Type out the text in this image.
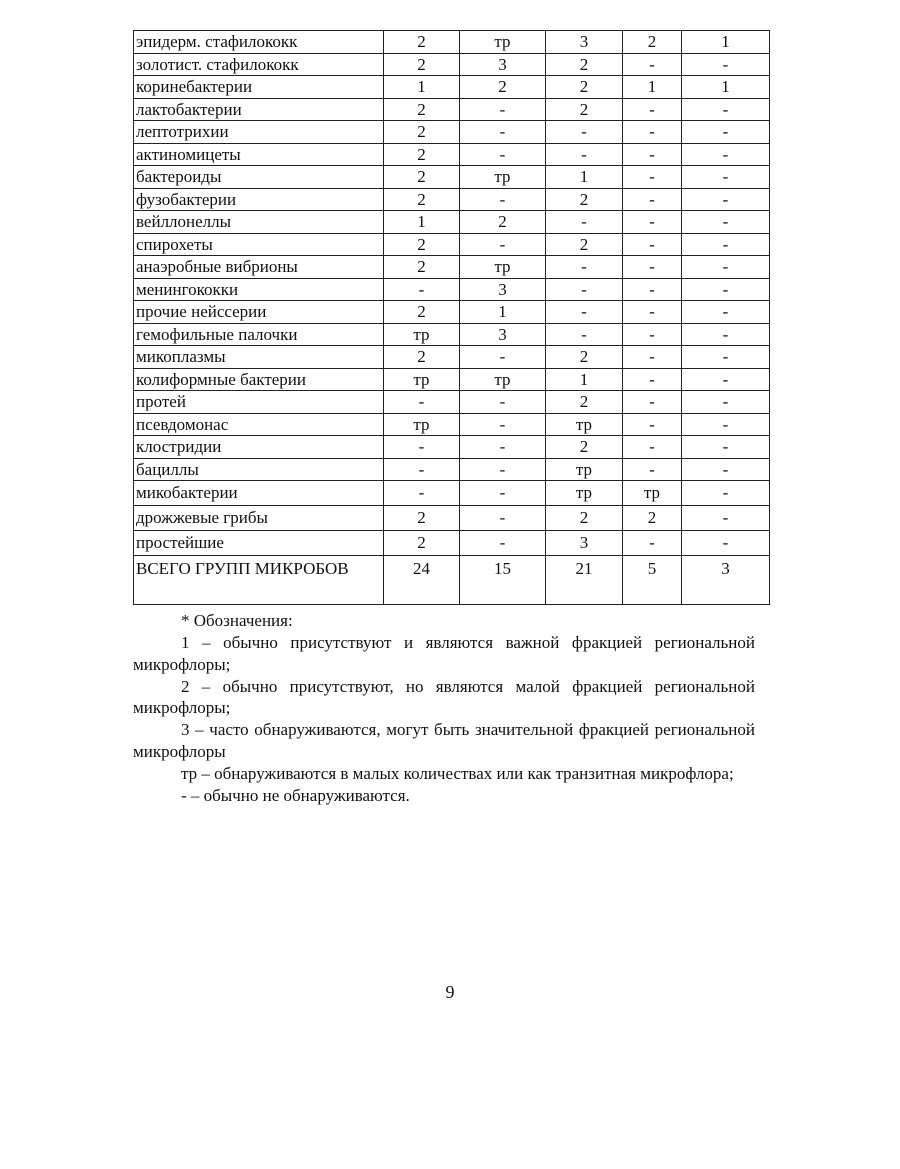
эпидерм. стафилококк	2	тр	3	2	1
золотист. стафилококк	2	3	2	-	-
коринебактерии	1	2	2	1	1
лактобактерии	2	-	2	-	-
лептотрихии	2	-	-	-	-
актиномицеты	2	-	-	-	-
бактероиды	2	тр	1	-	-
фузобактерии	2	-	2	-	-
вейллонеллы	1	2	-	-	-
спирохеты	2	-	2	-	-
анаэробные вибрионы	2	тр	-	-	-
менингококки	-	3	-	-	-
прочие нейссерии	2	1	-	-	-
гемофильные палочки	тр	3	-	-	-
микоплазмы	2	-	2	-	-
колиформные бактерии	тр	тр	1	-	-
протей	-	-	2	-	-
псевдомонас	тр	-	тр	-	-
клостридии	-	-	2	-	-
бациллы	-	-	тр	-	-
микобактерии	-	-	тр	тр	-
дрожжевые грибы	2	-	2	2	-
простейшие	2	-	3	-	-
ВСЕГО ГРУПП МИКРОБОВ	24	15	21	5	3

* Обозначения:

1 – обычно присутствуют и являются важной фракцией региональной микрофлоры;

2 – обычно присутствуют, но являются малой фракцией региональной микрофлоры;

3 – часто обнаруживаются, могут быть значительной фракцией региональной микрофлоры

тр – обнаруживаются в малых количествах или как транзитная микрофлора;

- – обычно не обнаруживаются.

9
